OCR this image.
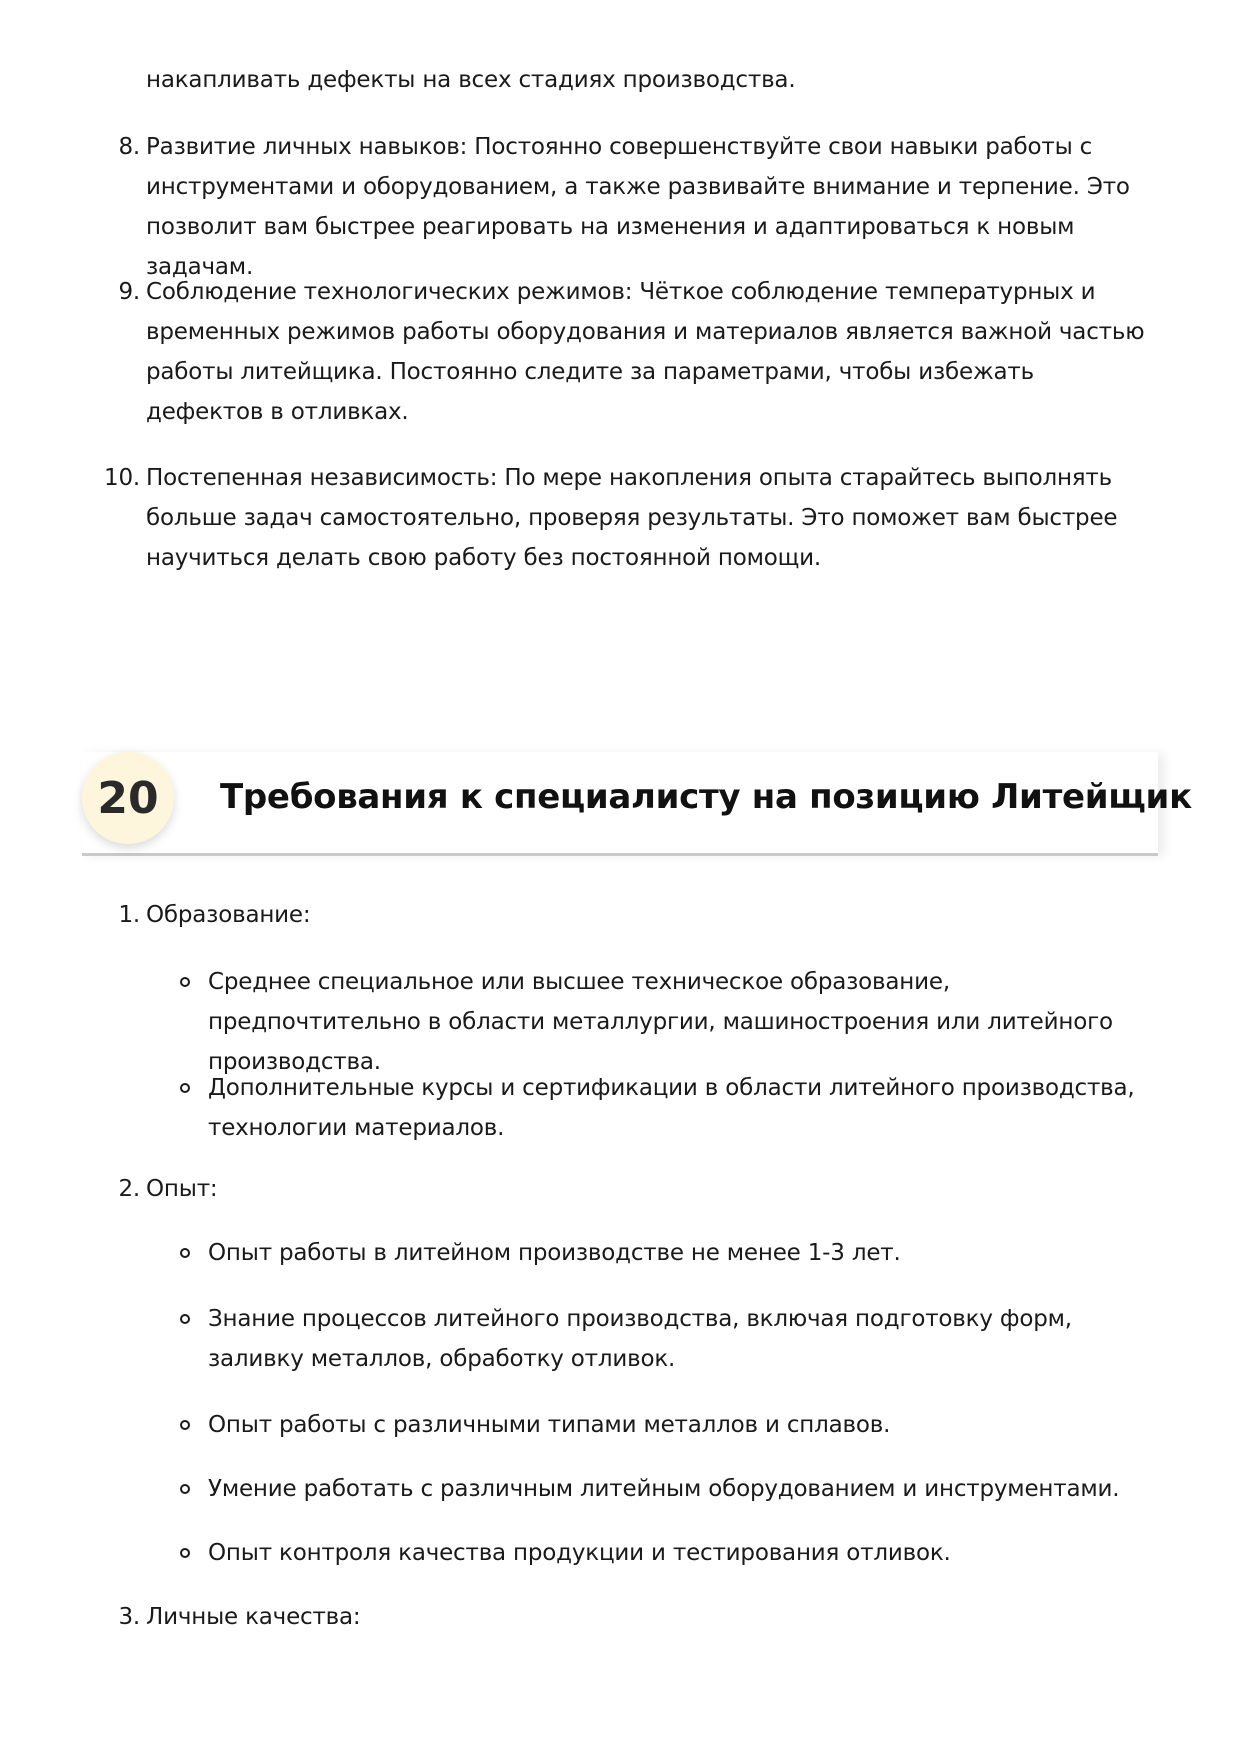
накапливать дефекты на всех стадиях производства.
8. Развитие личных навыков: Постоянно совершенствуйте свои навыки работы с инструментами и оборудованием, а также развивайте внимание и терпение. Это позволит вам быстрее реагировать на изменения и адаптироваться к новым задачам.
9. Соблюдение технологических режимов: Чёткое соблюдение температурных и временных режимов работы оборудования и материалов является важной частью работы литейщика. Постоянно следите за параметрами, чтобы избежать дефектов в отливках.
10. Постепенная независимость: По мере накопления опыта старайтесь выполнять больше задач самостоятельно, проверяя результаты. Это поможет вам быстрее научиться делать свою работу без постоянной помощи.
20	Требования к специалисту на позицию Литейщик
1. Образование:
Среднее специальное или высшее техническое образование, предпочтительно в области металлургии, машиностроения или литейного производства.
Дополнительные курсы и сертификации в области литейного производства, технологии материалов.
2. Опыт:
Опыт работы в литейном производстве не менее 1-3 лет.
Знание процессов литейного производства, включая подготовку форм, заливку металлов, обработку отливок.
Опыт работы с различными типами металлов и сплавов.
Умение работать с различным литейным оборудованием и инструментами.
Опыт контроля качества продукции и тестирования отливок.
3. Личные качества:
